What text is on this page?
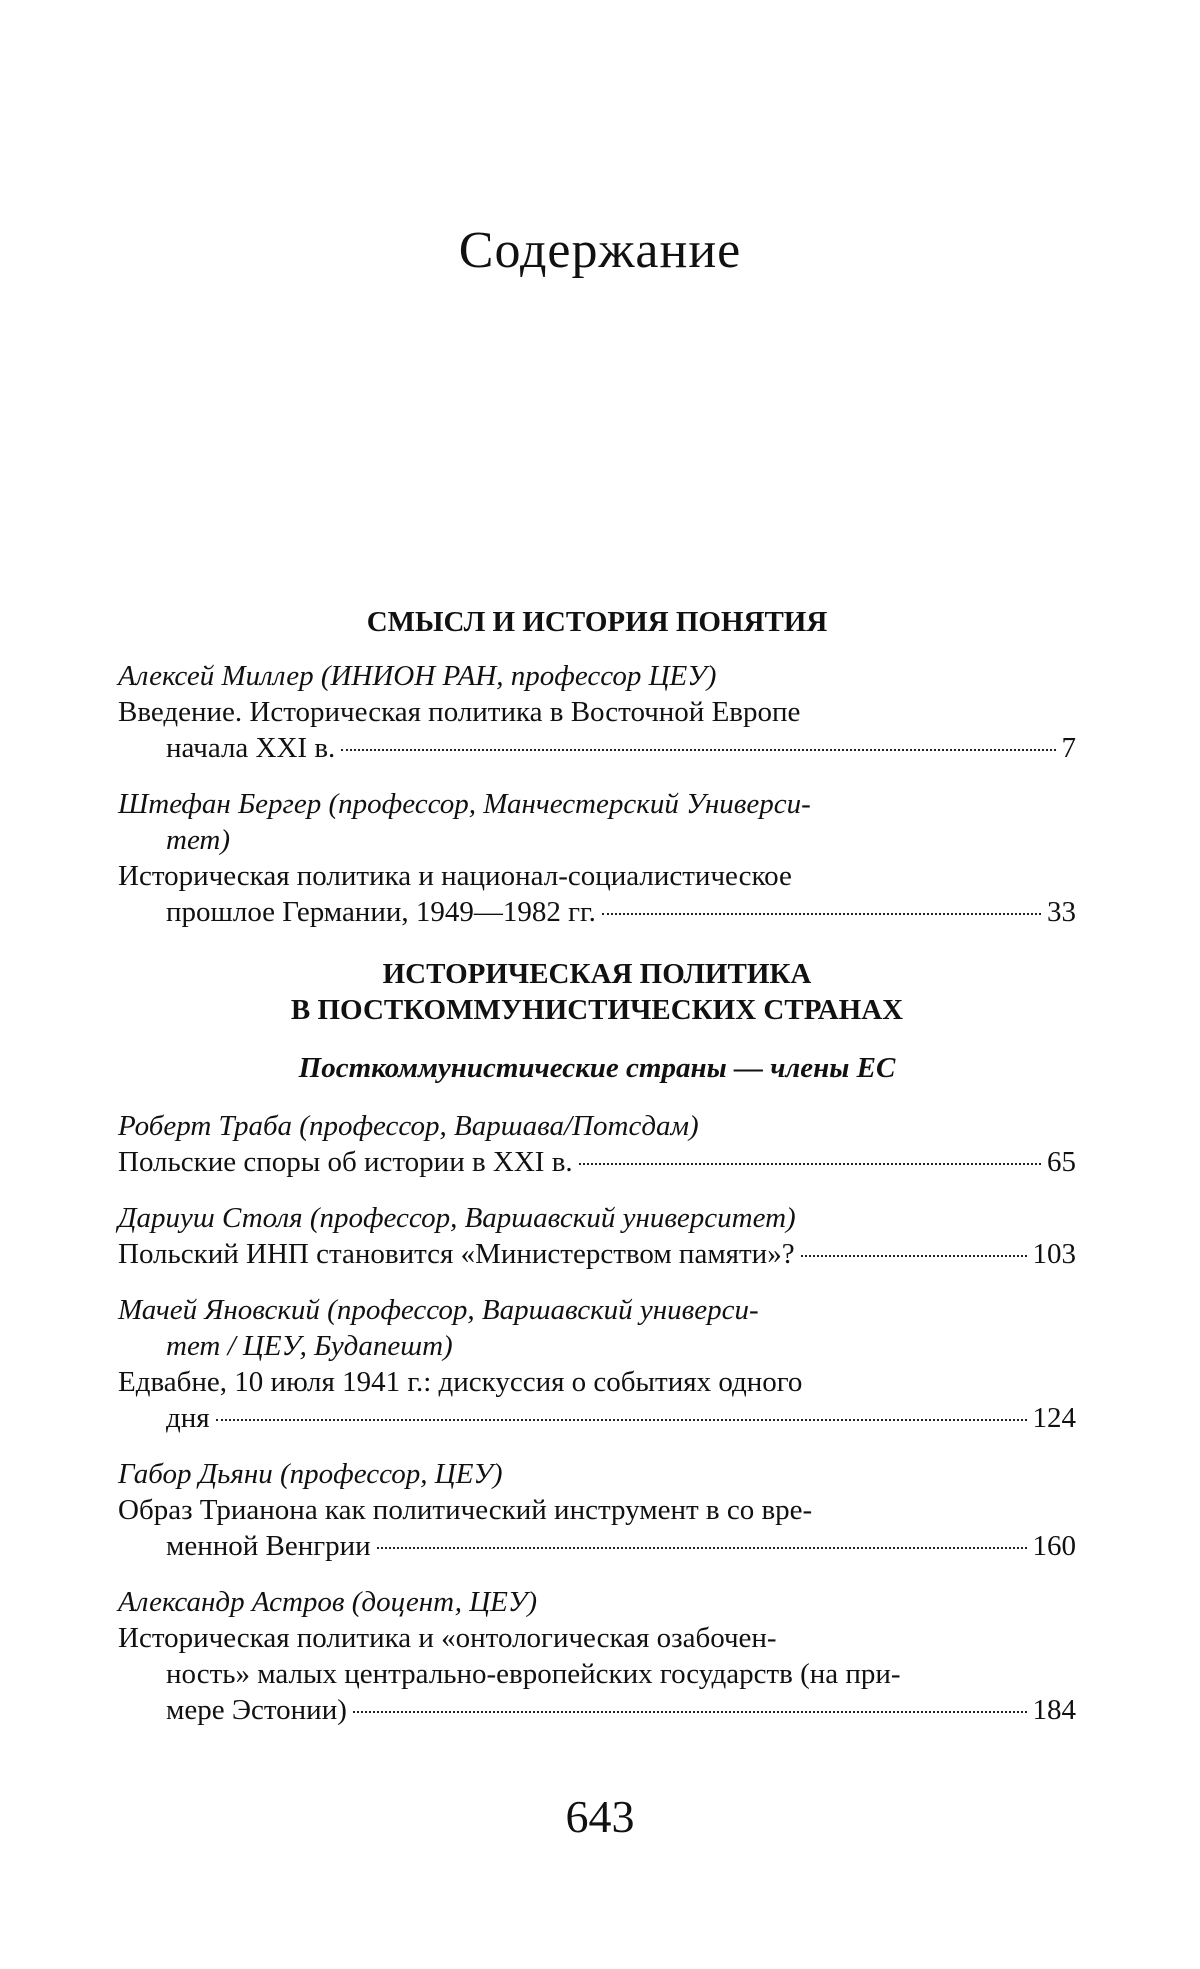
Содержание

СМЫСЛ И ИСТОРИЯ ПОНЯТИЯ

Алексей Миллер (ИНИОН РАН, профессор ЦЕУ)
Введение. Историческая политика в Восточной Европе
начала XXI в.	7
Штефан Бергер (профессор, Манчестерский Универси-
тет)
Историческая политика и национал-социалистическое
прошлое Германии, 1949—1982 гг.	33

ИСТОРИЧЕСКАЯ ПОЛИТИКА

В ПОСТКОММУНИСТИЧЕСКИХ СТРАНАХ

Посткоммунистические страны — члены ЕС

Роберт Траба (профессор, Варшава/Потсдам)
Польские споры об истории в XXI в.	65
Дариуш Столя (профессор, Варшавский университет)
Польский ИНП становится «Министерством памяти»?	103
Мачей Яновский (профессор, Варшавский универси-
тет / ЦЕУ, Будапешт)
Едвабне, 10 июля 1941 г.: дискуссия о событиях одного
дня	124
Габор Дьяни (профессор, ЦЕУ)
Образ Трианона как политический инструмент в со вре-
менной Венгрии	160
Александр Астров (доцент, ЦЕУ)
Историческая политика и «онтологическая озабочен-
ность» малых центрально-европейских государств (на при-
мере Эстонии)	184
643
